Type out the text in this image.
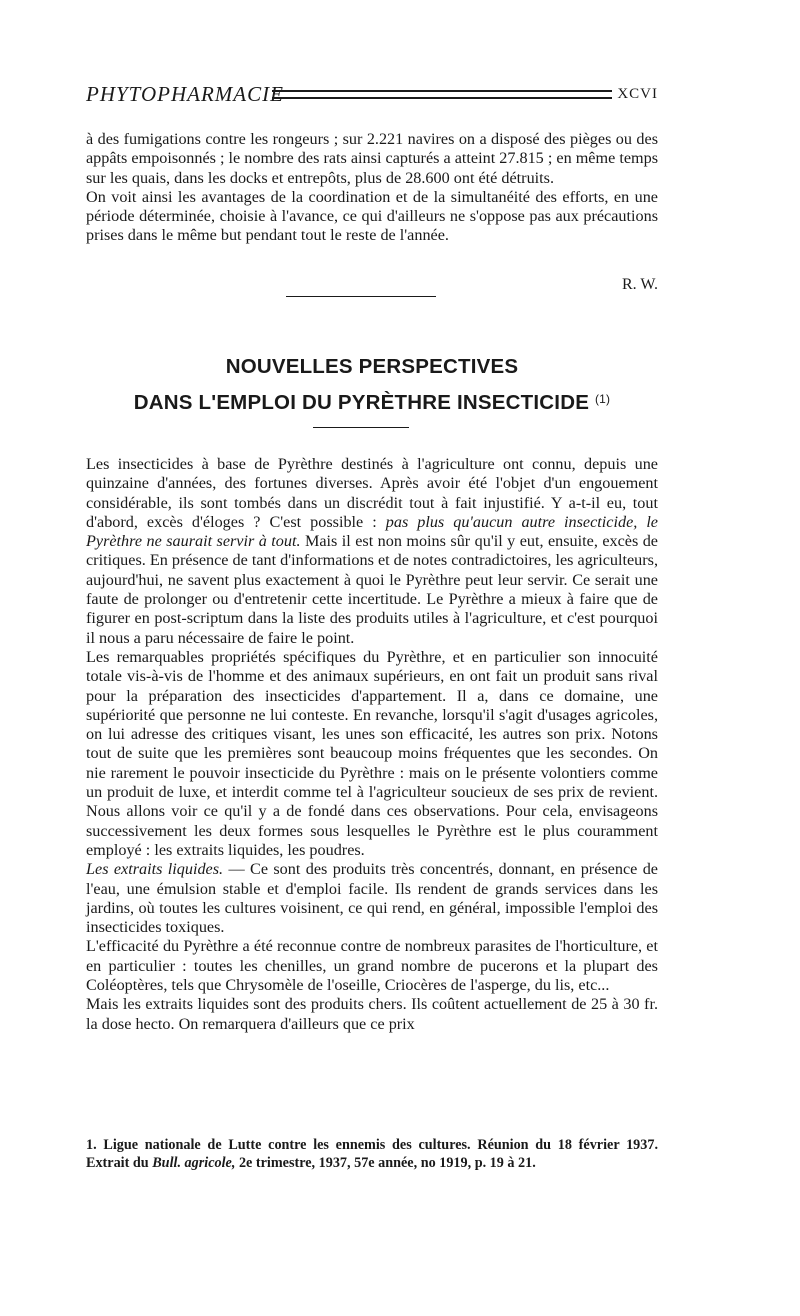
PHYTOPHARMACIE	XCVI

à des fumigations contre les rongeurs ; sur 2.221 navires on a disposé des pièges ou des appâts empoisonnés ; le nombre des rats ainsi capturés a atteint 27.815 ; en même temps sur les quais, dans les docks et entrepôts, plus de 28.600 ont été détruits.

On voit ainsi les avantages de la coordination et de la simultanéité des efforts, en une période déterminée, choisie à l'avance, ce qui d'ailleurs ne s'oppose pas aux précautions prises dans le même but pendant tout le reste de l'année.

R. W.
NOUVELLES PERSPECTIVES
DANS L'EMPLOI DU PYRÈTHRE INSECTICIDE $^{(1)}$

Les insecticides à base de Pyrèthre destinés à l'agriculture ont connu, depuis une quinzaine d'années, des fortunes diverses. Après avoir été l'objet d'un engouement considérable, ils sont tombés dans un discrédit tout à fait injustifié. Y a-t-il eu, tout d'abord, excès d'éloges ? C'est possible : pas plus qu'aucun autre insecticide, le Pyrèthre ne saurait servir à tout. Mais il est non moins sûr qu'il y eut, ensuite, excès de critiques. En présence de tant d'informations et de notes contradictoires, les agriculteurs, aujourd'hui, ne savent plus exactement à quoi le Pyrèthre peut leur servir. Ce serait une faute de prolonger ou d'entretenir cette incertitude. Le Pyrèthre a mieux à faire que de figurer en post-scriptum dans la liste des produits utiles à l'agriculture, et c'est pourquoi il nous a paru nécessaire de faire le point.

Les remarquables propriétés spécifiques du Pyrèthre, et en particulier son innocuité totale vis-à-vis de l'homme et des animaux supérieurs, en ont fait un produit sans rival pour la préparation des insecticides d'appartement. Il a, dans ce domaine, une supériorité que personne ne lui conteste. En revanche, lorsqu'il s'agit d'usages agricoles, on lui adresse des critiques visant, les unes son efficacité, les autres son prix. Notons tout de suite que les premières sont beaucoup moins fréquentes que les secondes. On nie rarement le pouvoir insecticide du Pyrèthre : mais on le présente volontiers comme un produit de luxe, et interdit comme tel à l'agriculteur soucieux de ses prix de revient. Nous allons voir ce qu'il y a de fondé dans ces observations. Pour cela, envisageons successivement les deux formes sous lesquelles le Pyrèthre est le plus couramment employé : les extraits liquides, les poudres.

Les extraits liquides. — Ce sont des produits très concentrés, donnant, en présence de l'eau, une émulsion stable et d'emploi facile. Ils rendent de grands services dans les jardins, où toutes les cultures voisinent, ce qui rend, en général, impossible l'emploi des insecticides toxiques.

L'efficacité du Pyrèthre a été reconnue contre de nombreux parasites de l'horticulture, et en particulier : toutes les chenilles, un grand nombre de pucerons et la plupart des Coléoptères, tels que Chrysomèle de l'oseille, Criocères de l'asperge, du lis, etc...

Mais les extraits liquides sont des produits chers. Ils coûtent actuellement de 25 à 30 fr. la dose hecto. On remarquera d'ailleurs que ce prix

1. Ligue nationale de Lutte contre les ennemis des cultures. Réunion du 18 février 1937. Extrait du Bull. agricole, 2e trimestre, 1937, 57e année, no 1919, p. 19 à 21.
